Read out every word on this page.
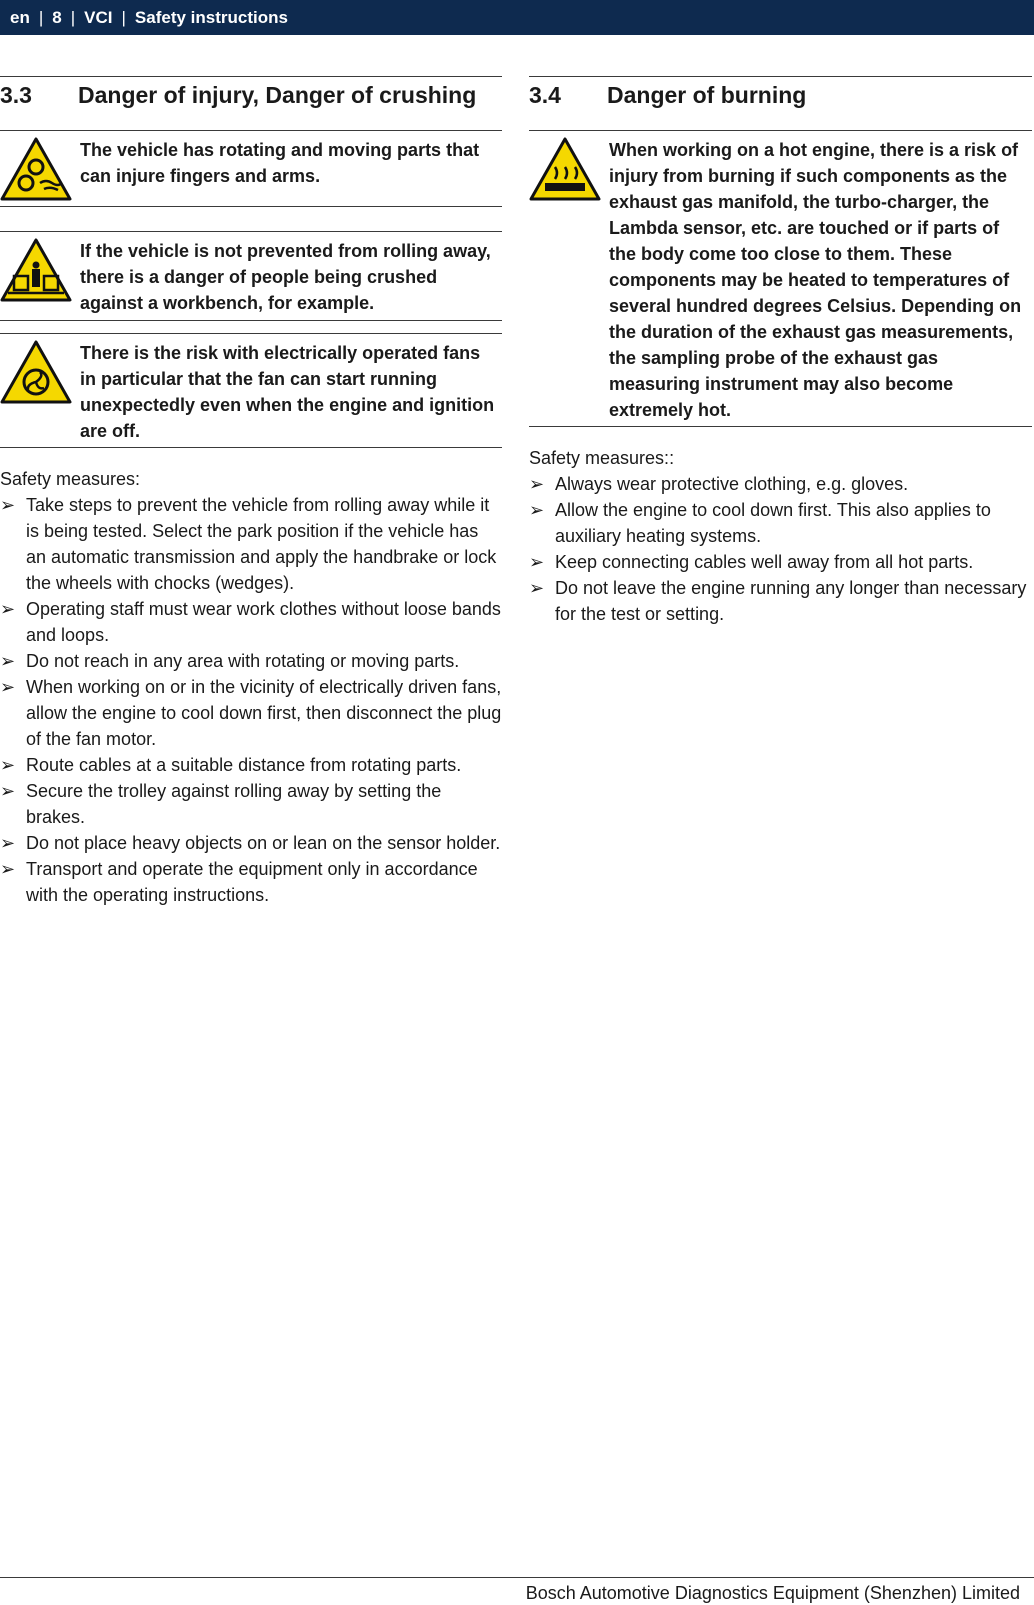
en | 8 | VCI | Safety instructions
3.3	Danger of injury, Danger of crushing
The vehicle has rotating and moving parts that can injure fingers and arms.
If the vehicle is not prevented from rolling away, there is a danger of people being crushed against a workbench, for example.
There is the risk with electrically operated fans in particular that the fan can start running unexpectedly even when the engine and ignition are off.
Safety measures:
➢ Take steps to prevent the vehicle from rolling away while it is being tested. Select the park position if the vehicle has an automatic transmission and apply the handbrake or lock the wheels with chocks (wedges).
➢ Operating staff must wear work clothes without loose bands and loops.
➢ Do not reach in any area with rotating or moving parts.
➢ When working on or in the vicinity of electrically driven fans, allow the engine to cool down first, then disconnect the plug of the fan motor.
➢ Route cables at a suitable distance from rotating parts.
➢ Secure the trolley against rolling away by setting the brakes.
➢ Do not place heavy objects on or lean on the sensor holder.
➢ Transport and operate the equipment only in accordance with the operating instructions.
3.4	Danger of burning
When working on a hot engine, there is a risk of injury from burning if such components as the exhaust gas manifold, the turbo-charger, the Lambda sensor, etc. are touched or if parts of the body come too close to them. These components may be heated to temperatures of several hundred degrees Celsius. Depending on the duration of the exhaust gas measurements, the sampling probe of the exhaust gas measuring instrument may also become extremely hot.
Safety measures::
➢ Always wear protective clothing, e.g. gloves.
➢ Allow the engine to cool down first. This also applies to auxiliary heating systems.
➢ Keep connecting cables well away from all hot parts.
➢ Do not leave the engine running any longer than necessary for the test or setting.
Bosch Automotive Diagnostics Equipment (Shenzhen) Limited
